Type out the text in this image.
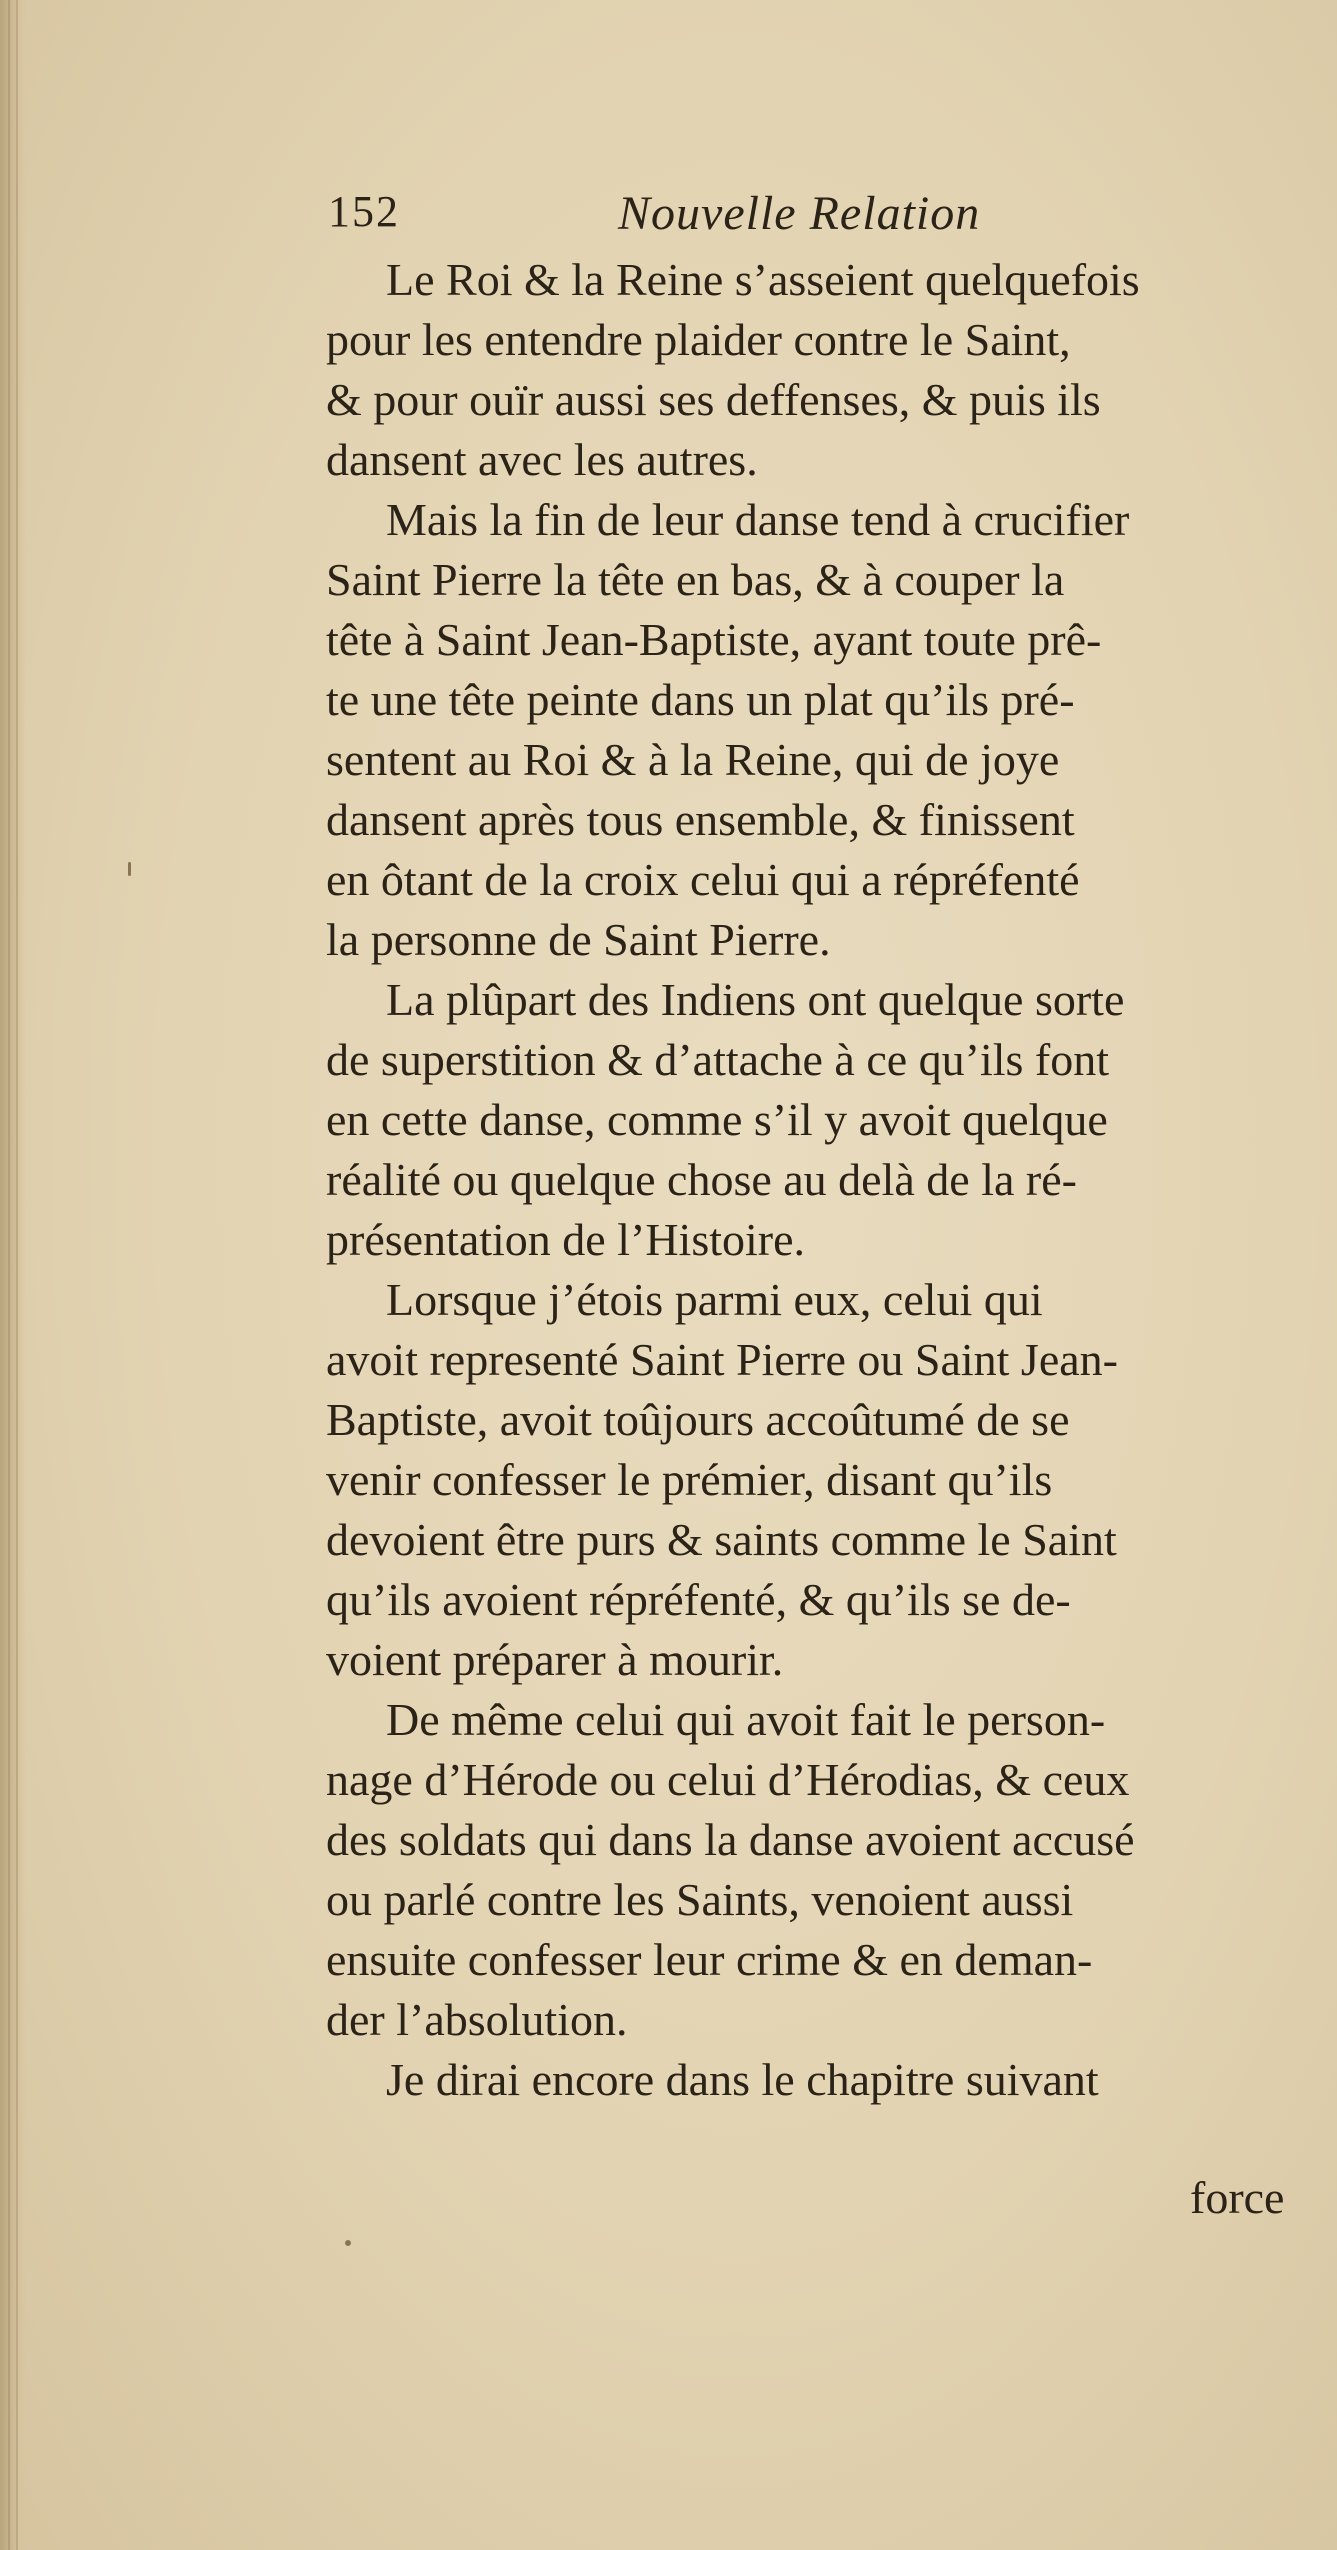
152	Nouvelle Relation
Le Roi & la Reine s’asseient quelquefois
pour les entendre plaider contre le Saint,
& pour ouïr aussi ses deffenses, & puis ils
dansent avec les autres.
Mais la fin de leur danse tend à crucifier
Saint Pierre la tête en bas, & à couper la
tête à Saint Jean-Baptiste, ayant toute prê-
te une tête peinte dans un plat qu’ils pré-
sentent au Roi & à la Reine, qui de joye
dansent après tous ensemble, & finissent
en ôtant de la croix celui qui a répréfenté
la personne de Saint Pierre.
La plûpart des Indiens ont quelque sorte
de superstition & d’attache à ce qu’ils font
en cette danse, comme s’il y avoit quelque
réalité ou quelque chose au delà de la ré-
présentation de l’Histoire.
Lorsque j’étois parmi eux, celui qui
avoit representé Saint Pierre ou Saint Jean-
Baptiste, avoit toûjours accoûtumé de se
venir confesser le prémier, disant qu’ils
devoient être purs & saints comme le Saint
qu’ils avoient répréfenté, & qu’ils se de-
voient préparer à mourir.
De même celui qui avoit fait le person-
nage d’Hérode ou celui d’Hérodias, & ceux
des soldats qui dans la danse avoient accusé
ou parlé contre les Saints, venoient aussi
ensuite confesser leur crime & en deman-
der l’absolution.
Je dirai encore dans le chapitre suivant
force
